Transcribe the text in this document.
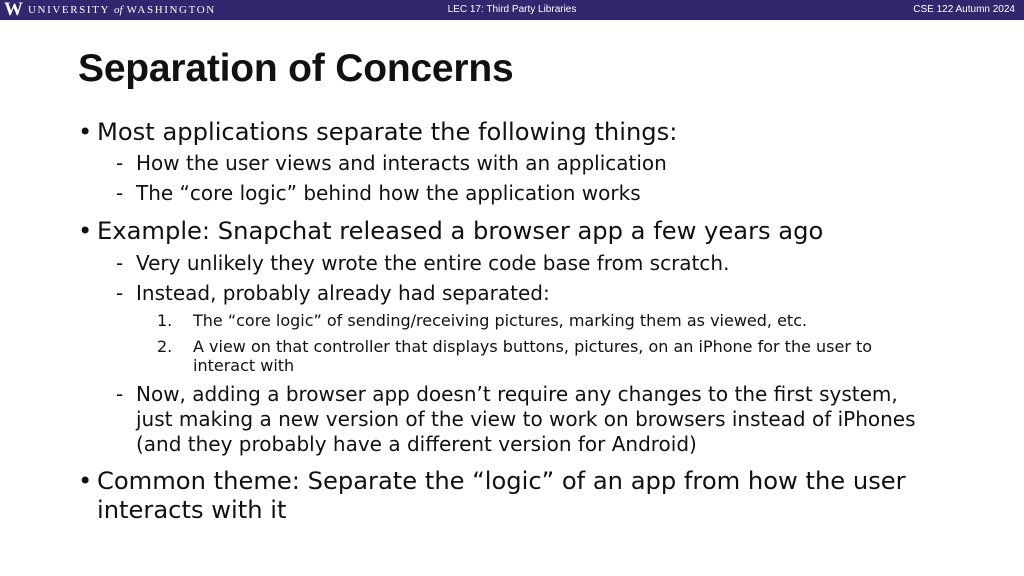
W UNIVERSITY of WASHINGTON	LEC 17: Third Party Libraries	CSE 122 Autumn 2024
Separation of Concerns
• Most applications separate the following things:
- How the user views and interacts with an application
- The “core logic” behind how the application works
• Example: Snapchat released a browser app a few years ago
- Very unlikely they wrote the entire code base from scratch.
- Instead, probably already had separated:
1. The “core logic” of sending/receiving pictures, marking them as viewed, etc.
2. A view on that controller that displays buttons, pictures, on an iPhone for the user to
interact with
- Now, adding a browser app doesn’t require any changes to the first system,
just making a new version of the view to work on browsers instead of iPhones
(and they probably have a different version for Android)
• Common theme: Separate the “logic” of an app from how the user
interacts with it
